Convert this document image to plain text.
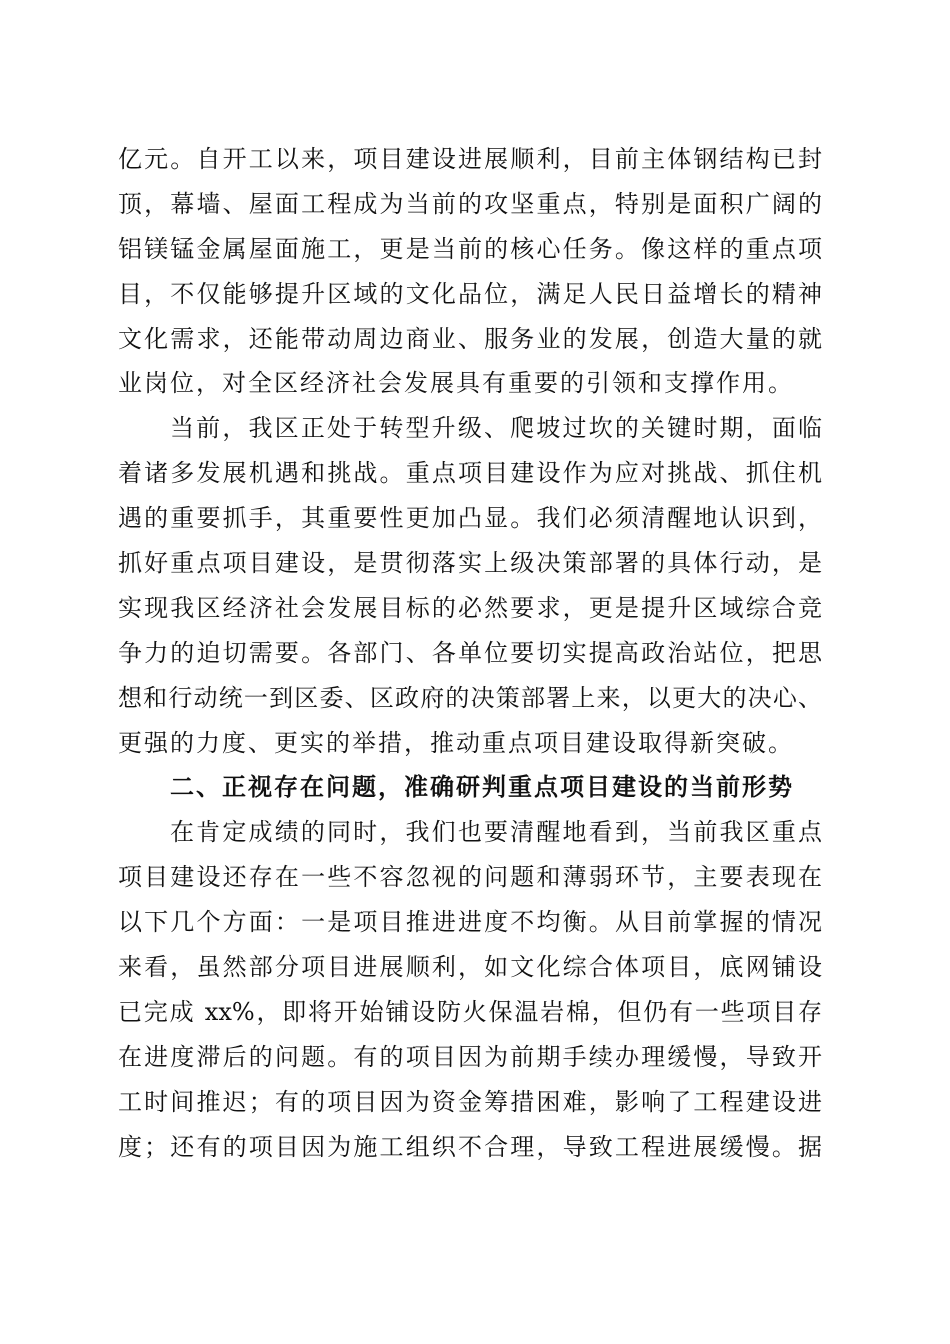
亿元。自开工以来，项目建设进展顺利，目前主体钢结构已封
顶，幕墙、屋面工程成为当前的攻坚重点，特别是面积广阔的
铝镁锰金属屋面施工，更是当前的核心任务。像这样的重点项
目，不仅能够提升区域的文化品位，满足人民日益增长的精神
文化需求，还能带动周边商业、服务业的发展，创造大量的就
业岗位，对全区经济社会发展具有重要的引领和支撑作用。
当前，我区正处于转型升级、爬坡过坎的关键时期，面临
着诸多发展机遇和挑战。重点项目建设作为应对挑战、抓住机
遇的重要抓手，其重要性更加凸显。我们必须清醒地认识到，
抓好重点项目建设，是贯彻落实上级决策部署的具体行动，是
实现我区经济社会发展目标的必然要求，更是提升区域综合竞
争力的迫切需要。各部门、各单位要切实提高政治站位，把思
想和行动统一到区委、区政府的决策部署上来，以更大的决心、
更强的力度、更实的举措，推动重点项目建设取得新突破。
二、正视存在问题，准确研判重点项目建设的当前形势
在肯定成绩的同时，我们也要清醒地看到，当前我区重点
项目建设还存在一些不容忽视的问题和薄弱环节，主要表现在
以下几个方面：一是项目推进进度不均衡。从目前掌握的情况
来看，虽然部分项目进展顺利，如文化综合体项目，底网铺设
已完成 xx%，即将开始铺设防火保温岩棉，但仍有一些项目存
在进度滞后的问题。有的项目因为前期手续办理缓慢，导致开
工时间推迟；有的项目因为资金筹措困难，影响了工程建设进
度；还有的项目因为施工组织不合理，导致工程进展缓慢。据
